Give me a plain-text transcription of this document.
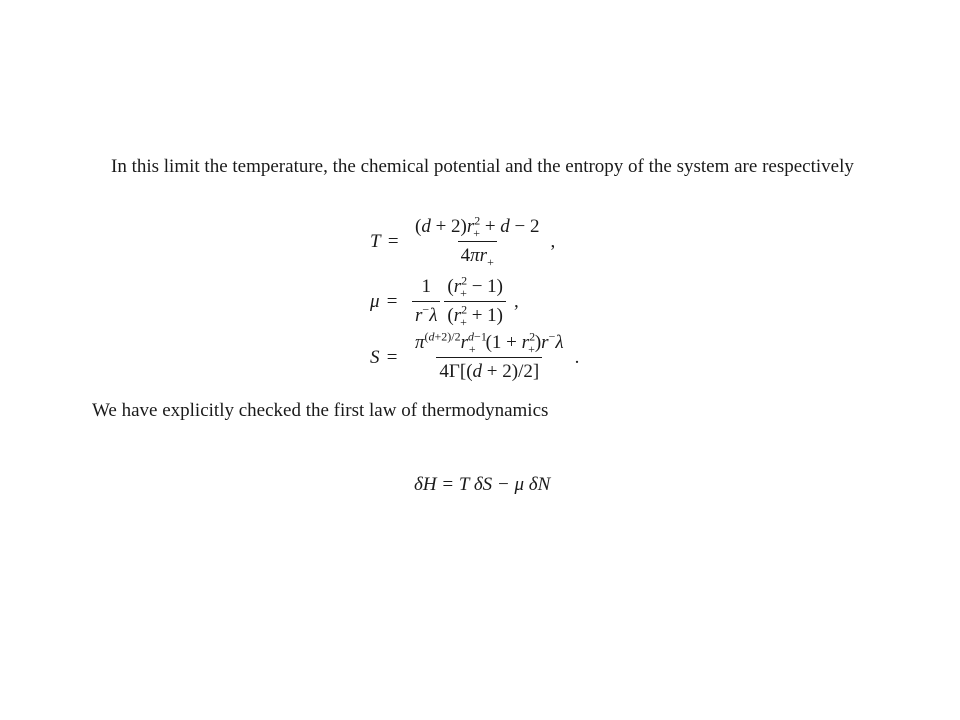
In this limit the temperature, the chemical potential and the entropy of the system are respectively

$T = \frac{(d + 2)r^2_+ + d - 2}{4\pi r_+}$ ,
$\mu = \frac{1}{r^-\lambda} \frac{(r^2_+ - 1)}{(r^2_+ + 1)}$ ,
$S = \frac{\pi^{(d+2)/2}r^{d-1}_+ (1 + r^2_+)r^-\lambda}{4\Gamma[(d + 2)/2]}$ .

We have explicitly checked the first law of thermodynamics

δH = T δS − μ δN
